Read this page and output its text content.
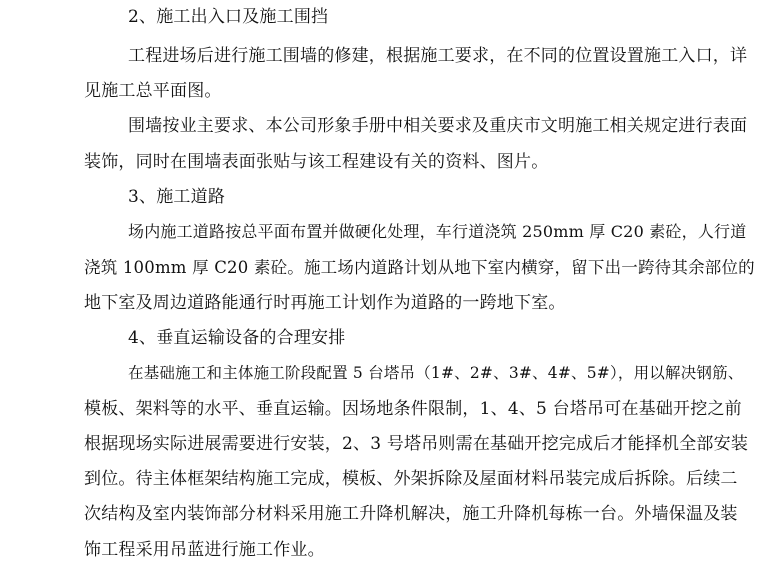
2、施工出入口及施工围挡
工程进场后进行施工围墙的修建，根据施工要求，在不同的位置设置施工入口，详
见施工总平面图。
围墙按业主要求、本公司形象手册中相关要求及重庆市文明施工相关规定进行表面
装饰，同时在围墙表面张贴与该工程建设有关的资料、图片。
3、施工道路
场内施工道路按总平面布置并做硬化处理，车行道浇筑 250mm 厚 C20 素砼，人行道
浇筑 100mm 厚 C20 素砼。施工场内道路计划从地下室内横穿，留下出一跨待其余部位的
地下室及周边道路能通行时再施工计划作为道路的一跨地下室。
4、垂直运输设备的合理安排
在基础施工和主体施工阶段配置 5 台塔吊（1#、2#、3#、4#、5#），用以解决钢筋、
模板、架料等的水平、垂直运输。因场地条件限制，1、4、5 台塔吊可在基础开挖之前
根据现场实际进展需要进行安装，2、3 号塔吊则需在基础开挖完成后才能择机全部安装
到位。待主体框架结构施工完成，模板、外架拆除及屋面材料吊装完成后拆除。后续二
次结构及室内装饰部分材料采用施工升降机解决，施工升降机每栋一台。外墙保温及装
饰工程采用吊蓝进行施工作业。
